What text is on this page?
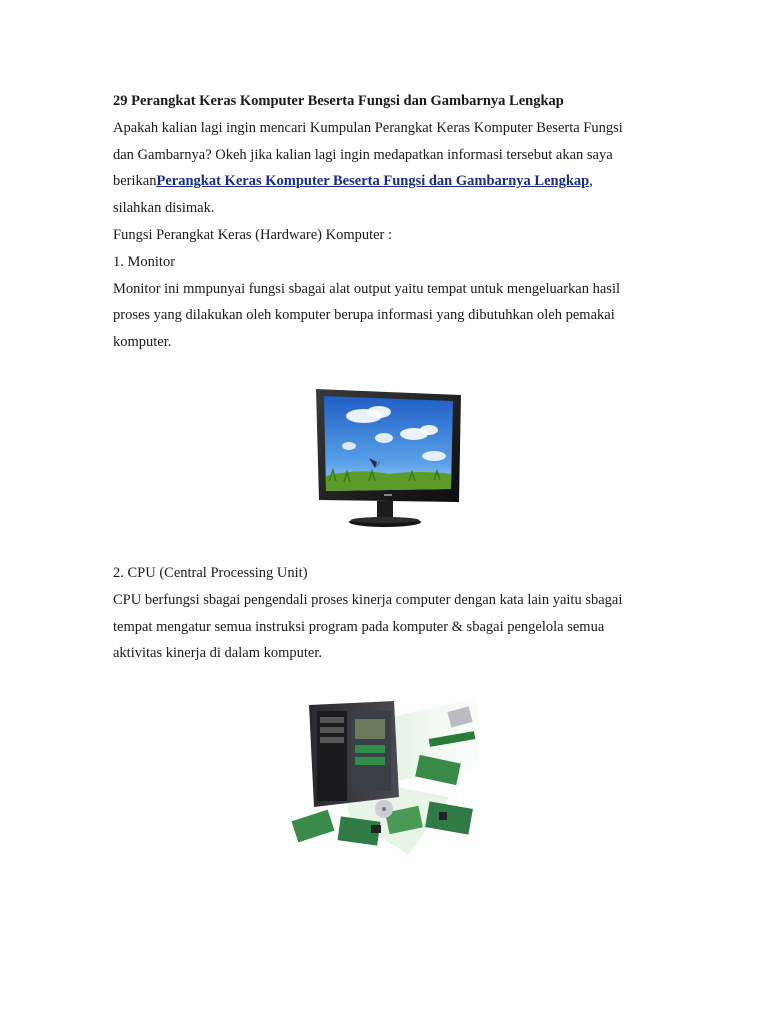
29 Perangkat Keras Komputer Beserta Fungsi dan Gambarnya Lengkap
Apakah kalian lagi ingin mencari Kumpulan Perangkat Keras Komputer Beserta Fungsi
dan Gambarnya? Okeh jika kalian lagi ingin medapatkan informasi tersebut akan saya
berikanPerangkat Keras Komputer Beserta Fungsi dan Gambarnya Lengkap,
silahkan disimak.
Fungsi Perangkat Keras (Hardware) Komputer :
1. Monitor
Monitor ini mmpunyai fungsi sbagai alat output yaitu tempat untuk mengeluarkan hasil
proses yang dilakukan oleh komputer berupa informasi yang dibutuhkan oleh pemakai
komputer.
2. CPU (Central Processing Unit)
CPU berfungsi sbagai pengendali proses kinerja computer dengan kata lain yaitu sbagai
tempat mengatur semua instruksi program pada komputer & sbagai pengelola semua
aktivitas kinerja di dalam komputer.
